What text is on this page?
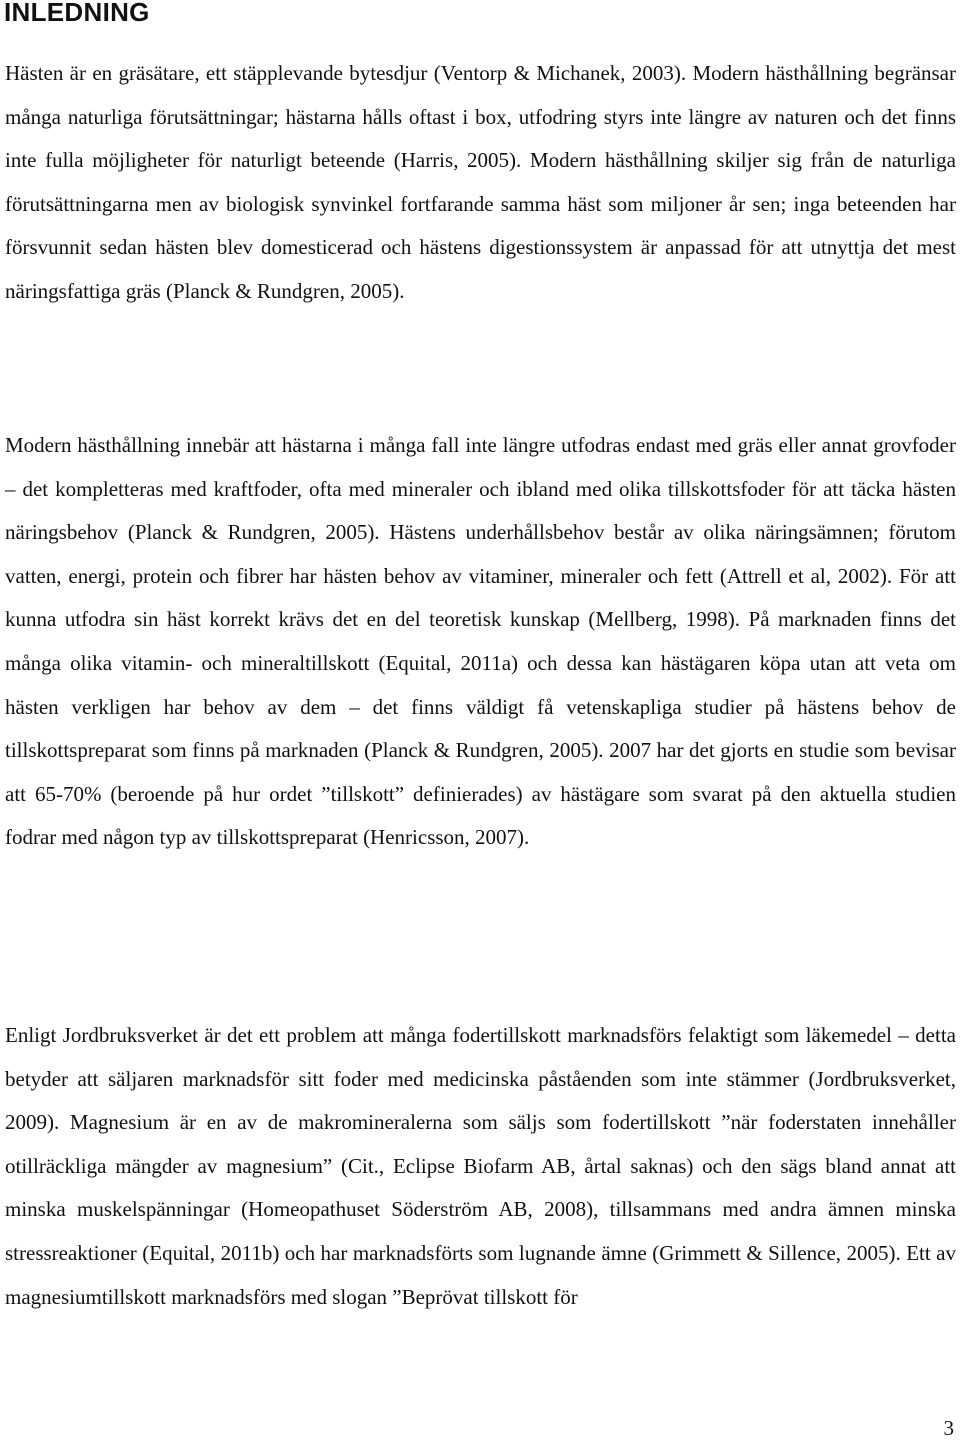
INLEDNING

Hästen är en gräsätare, ett stäpplevande bytesdjur (Ventorp & Michanek, 2003). Modern hästhållning begränsar många naturliga förutsättningar; hästarna hålls oftast i box, utfodring styrs inte längre av naturen och det finns inte fulla möjligheter för naturligt beteende (Harris, 2005). Modern hästhållning skiljer sig från de naturliga förutsättningarna men av biologisk synvinkel fortfarande samma häst som miljoner år sen; inga beteenden har försvunnit sedan hästen blev domesticerad och hästens digestionssystem är anpassad för att utnyttja det mest näringsfattiga gräs (Planck & Rundgren, 2005).

Modern hästhållning innebär att hästarna i många fall inte längre utfodras endast med gräs eller annat grovfoder – det kompletteras med kraftfoder, ofta med mineraler och ibland med olika tillskottsfoder för att täcka hästen näringsbehov (Planck & Rundgren, 2005). Hästens underhållsbehov består av olika näringsämnen; förutom vatten, energi, protein och fibrer har hästen behov av vitaminer, mineraler och fett (Attrell et al, 2002). För att kunna utfodra sin häst korrekt krävs det en del teoretisk kunskap (Mellberg, 1998). På marknaden finns det många olika vitamin- och mineraltillskott (Equital, 2011a) och dessa kan hästägaren köpa utan att veta om hästen verkligen har behov av dem – det finns väldigt få vetenskapliga studier på hästens behov de tillskottspreparat som finns på marknaden (Planck & Rundgren, 2005). 2007 har det gjorts en studie som bevisar att 65-70% (beroende på hur ordet ”tillskott” definierades) av hästägare som svarat på den aktuella studien fodrar med någon typ av tillskottspreparat (Henricsson, 2007).

Enligt Jordbruksverket är det ett problem att många fodertillskott marknadsförs felaktigt som läkemedel – detta betyder att säljaren marknadsför sitt foder med medicinska påståenden som inte stämmer (Jordbruksverket, 2009). Magnesium är en av de makromineralerna som säljs som fodertillskott ”när foderstaten innehåller otillräckliga mängder av magnesium” (Cit., Eclipse Biofarm AB, årtal saknas) och den sägs bland annat att minska muskelspänningar (Homeopathuset Söderström AB, 2008), tillsammans med andra ämnen minska stressreaktioner (Equital, 2011b) och har marknadsförts som lugnande ämne (Grimmett & Sillence, 2005). Ett av magnesiumtillskott marknadsförs med slogan ”Beprövat tillskott för

3
